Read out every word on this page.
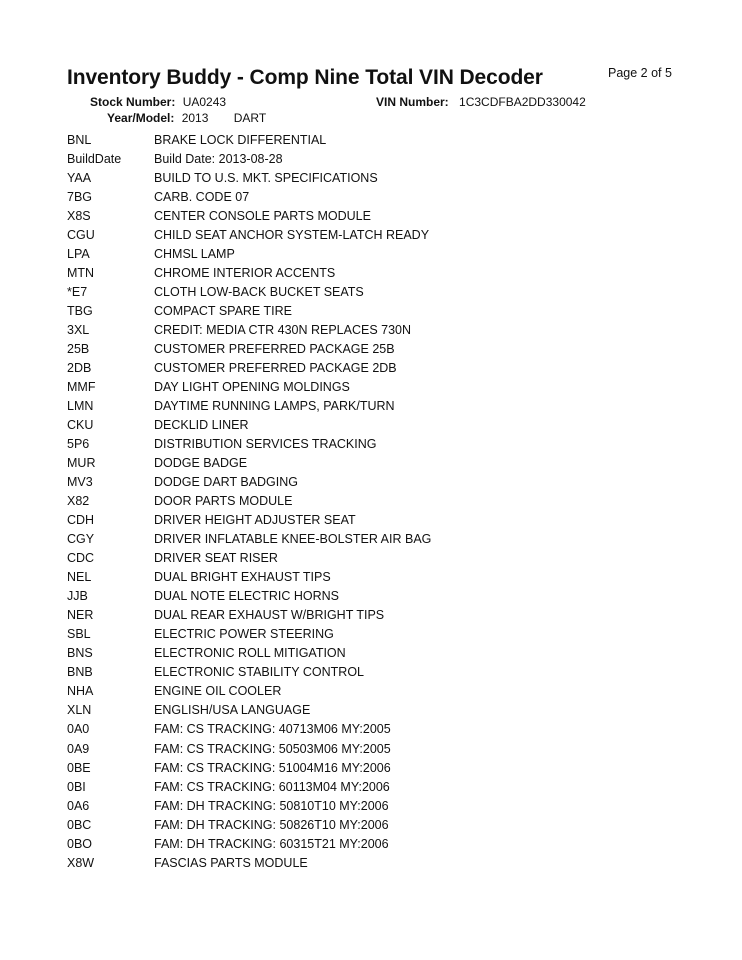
Page 2 of 5
Inventory Buddy - Comp Nine Total VIN Decoder
Stock Number: UA0243	VIN Number: 1C3CDFBA2DD330042
Year/Model: 2013 DART
BNL	BRAKE LOCK DIFFERENTIAL
BuildDate	Build Date: 2013-08-28
YAA	BUILD TO U.S. MKT. SPECIFICATIONS
7BG	CARB. CODE 07
X8S	CENTER CONSOLE PARTS MODULE
CGU	CHILD SEAT ANCHOR SYSTEM-LATCH READY
LPA	CHMSL LAMP
MTN	CHROME INTERIOR ACCENTS
*E7	CLOTH LOW-BACK BUCKET SEATS
TBG	COMPACT SPARE TIRE
3XL	CREDIT: MEDIA CTR 430N REPLACES 730N
25B	CUSTOMER PREFERRED PACKAGE 25B
2DB	CUSTOMER PREFERRED PACKAGE 2DB
MMF	DAY LIGHT OPENING MOLDINGS
LMN	DAYTIME RUNNING LAMPS, PARK/TURN
CKU	DECKLID LINER
5P6	DISTRIBUTION SERVICES TRACKING
MUR	DODGE BADGE
MV3	DODGE DART BADGING
X82	DOOR PARTS MODULE
CDH	DRIVER HEIGHT ADJUSTER SEAT
CGY	DRIVER INFLATABLE KNEE-BOLSTER AIR BAG
CDC	DRIVER SEAT RISER
NEL	DUAL BRIGHT EXHAUST TIPS
JJB	DUAL NOTE ELECTRIC HORNS
NER	DUAL REAR EXHAUST W/BRIGHT TIPS
SBL	ELECTRIC POWER STEERING
BNS	ELECTRONIC ROLL MITIGATION
BNB	ELECTRONIC STABILITY CONTROL
NHA	ENGINE OIL COOLER
XLN	ENGLISH/USA LANGUAGE
0A0	FAM: CS TRACKING: 40713M06 MY:2005
0A9	FAM: CS TRACKING: 50503M06 MY:2005
0BE	FAM: CS TRACKING: 51004M16 MY:2006
0BI	FAM: CS TRACKING: 60113M04 MY:2006
0A6	FAM: DH TRACKING: 50810T10 MY:2006
0BC	FAM: DH TRACKING: 50826T10 MY:2006
0BO	FAM: DH TRACKING: 60315T21 MY:2006
X8W	FASCIAS PARTS MODULE
